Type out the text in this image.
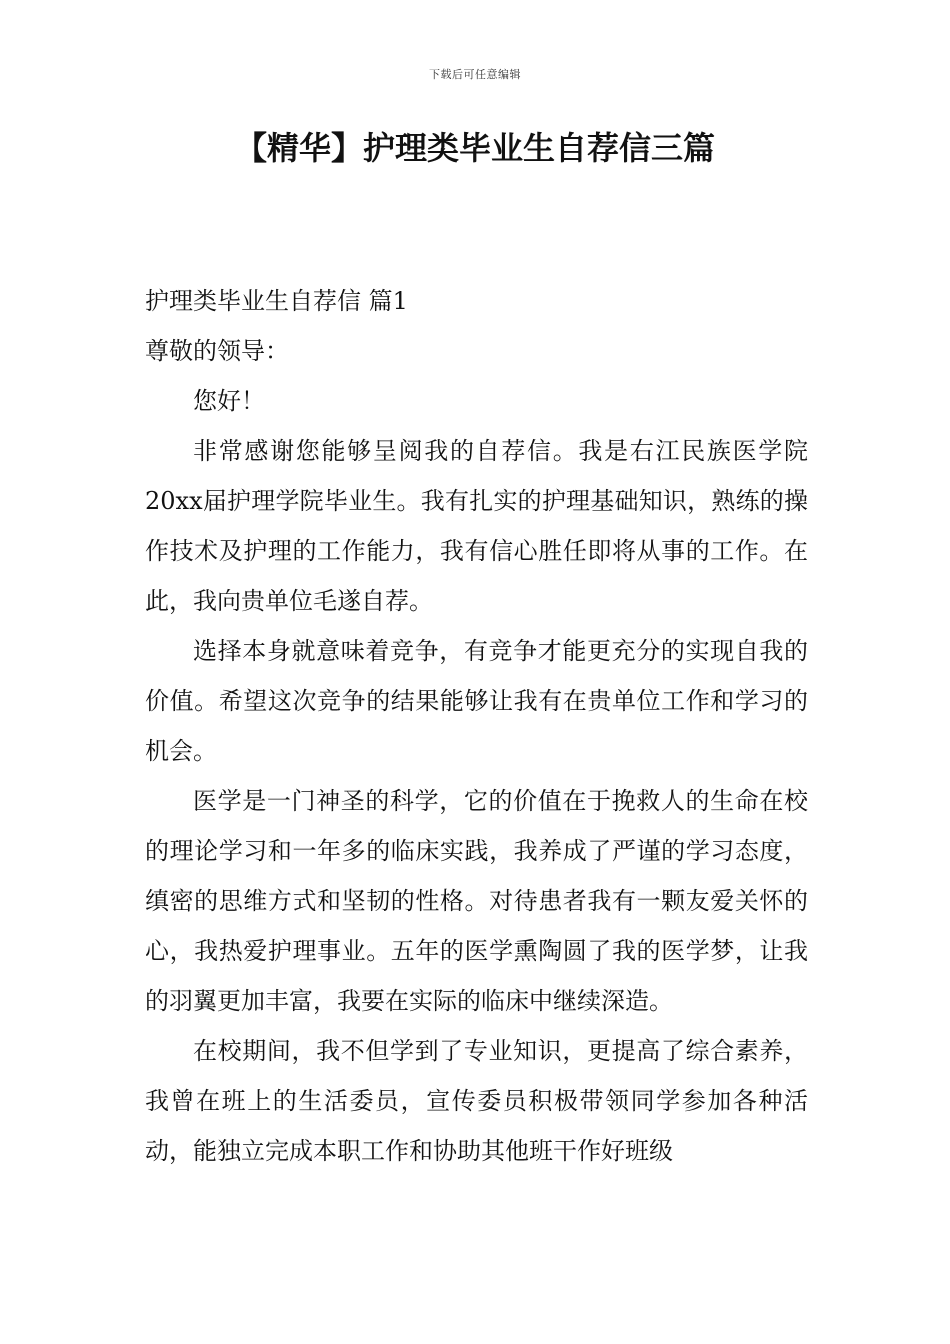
下载后可任意编辑
【精华】护理类毕业生自荐信三篇

护理类毕业生自荐信 篇1

尊敬的领导：

您好！

非常感谢您能够呈阅我的自荐信。我是右江民族医学院20xx届护理学院毕业生。我有扎实的护理基础知识，熟练的操作技术及护理的工作能力，我有信心胜任即将从事的工作。在此，我向贵单位毛遂自荐。

选择本身就意味着竞争，有竞争才能更充分的实现自我的价值。希望这次竞争的结果能够让我有在贵单位工作和学习的机会。

医学是一门神圣的科学，它的价值在于挽救人的生命在校的理论学习和一年多的临床实践，我养成了严谨的学习态度，缜密的思维方式和坚韧的性格。对待患者我有一颗友爱关怀的心，我热爱护理事业。五年的医学熏陶圆了我的医学梦，让我的羽翼更加丰富，我要在实际的临床中继续深造。

在校期间，我不但学到了专业知识，更提高了综合素养，我曾在班上的生活委员，宣传委员积极带领同学参加各种活动，能独立完成本职工作和协助其他班干作好班级
